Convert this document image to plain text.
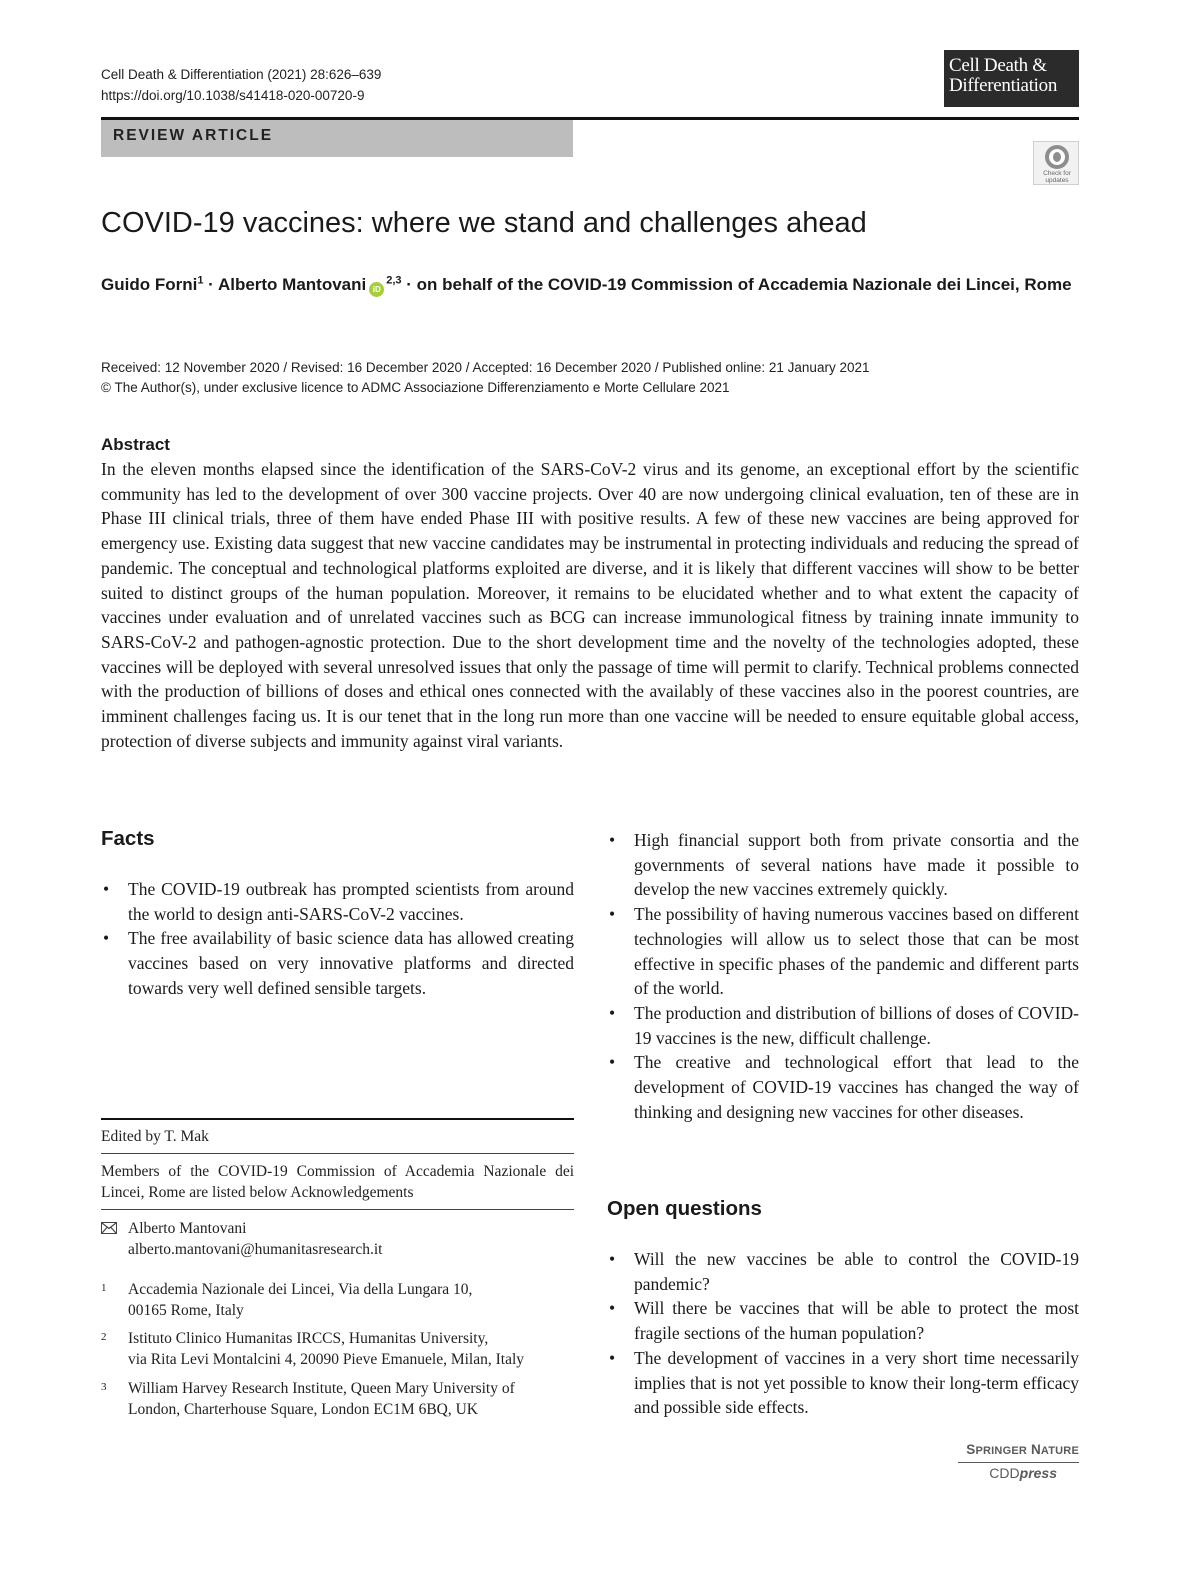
Cell Death & Differentiation (2021) 28:626–639
https://doi.org/10.1038/s41418-020-00720-9
Cell Death &
Differentiation
REVIEW ARTICLE
Check for updates
COVID-19 vaccines: where we stand and challenges ahead
Guido Forni$^1$ · Alberto Mantovani iD$^{2,3}$ · on behalf of the COVID-19 Commission of Accademia Nazionale dei Lincei, Rome
Received: 12 November 2020 / Revised: 16 December 2020 / Accepted: 16 December 2020 / Published online: 21 January 2021
© The Author(s), under exclusive licence to ADMC Associazione Differenziamento e Morte Cellulare 2021
Abstract

In the eleven months elapsed since the identification of the SARS-CoV-2 virus and its genome, an exceptional effort by the scientific community has led to the development of over 300 vaccine projects. Over 40 are now undergoing clinical evaluation, ten of these are in Phase III clinical trials, three of them have ended Phase III with positive results. A few of these new vaccines are being approved for emergency use. Existing data suggest that new vaccine candidates may be instrumental in protecting individuals and reducing the spread of pandemic. The conceptual and technological platforms exploited are diverse, and it is likely that different vaccines will show to be better suited to distinct groups of the human population. Moreover, it remains to be elucidated whether and to what extent the capacity of vaccines under evaluation and of unrelated vaccines such as BCG can increase immunological fitness by training innate immunity to SARS-CoV-2 and pathogen-agnostic protection. Due to the short development time and the novelty of the technologies adopted, these vaccines will be deployed with several unresolved issues that only the passage of time will permit to clarify. Technical problems connected with the production of billions of doses and ethical ones connected with the availably of these vaccines also in the poorest countries, are imminent challenges facing us. It is our tenet that in the long run more than one vaccine will be needed to ensure equitable global access, protection of diverse subjects and immunity against viral variants.

Facts
• The COVID-19 outbreak has prompted scientists from around the world to design anti-SARS-CoV-2 vaccines.
• The free availability of basic science data has allowed creating vaccines based on very innovative platforms and directed towards very well defined sensible targets.
• High financial support both from private consortia and the governments of several nations have made it possible to develop the new vaccines extremely quickly.
• The possibility of having numerous vaccines based on different technologies will allow us to select those that can be most effective in specific phases of the pandemic and different parts of the world.
• The production and distribution of billions of doses of COVID-19 vaccines is the new, difficult challenge.
• The creative and technological effort that lead to the development of COVID-19 vaccines has changed the way of thinking and designing new vaccines for other diseases.
Open questions
• Will the new vaccines be able to control the COVID-19 pandemic?
• Will there be vaccines that will be able to protect the most fragile sections of the human population?
• The development of vaccines in a very short time necessarily implies that is not yet possible to know their long-term efficacy and possible side effects.
Edited by T. Mak
Members of the COVID-19 Commission of Accademia Nazionale dei Lincei, Rome are listed below Acknowledgements
Alberto Mantovani
alberto.mantovani@humanitasresearch.it
1 Accademia Nazionale dei Lincei, Via della Lungara 10,
00165 Rome, Italy
2 Istituto Clinico Humanitas IRCCS, Humanitas University,
via Rita Levi Montalcini 4, 20090 Pieve Emanuele, Milan, Italy
3 William Harvey Research Institute, Queen Mary University of
London, Charterhouse Square, London EC1M 6BQ, UK
SPRINGER NATURE
CDDpress
